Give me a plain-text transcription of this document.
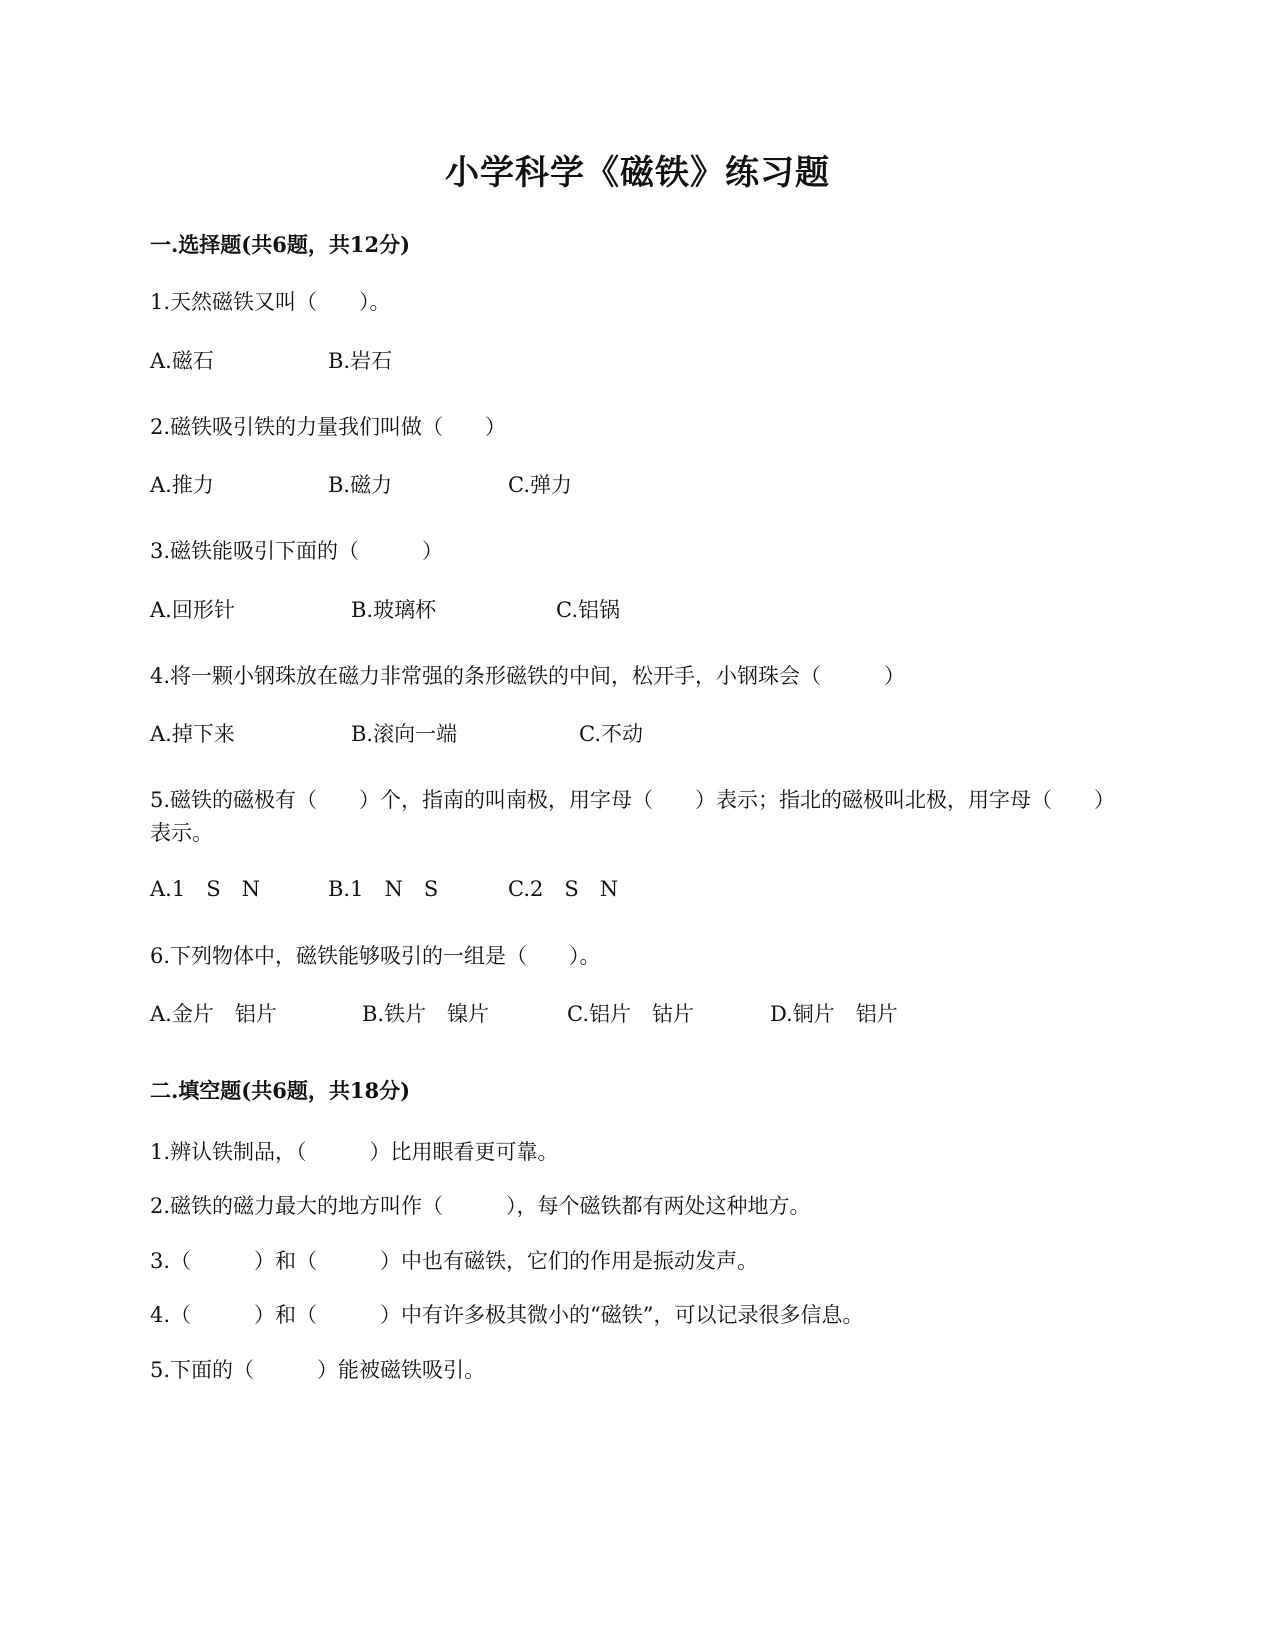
小学科学《磁铁》练习题
一.选择题(共6题，共12分)
1.天然磁铁又叫（　　）。
A.磁石	B.岩石
2.磁铁吸引铁的力量我们叫做（　　）
A.推力	B.磁力	C.弹力
3.磁铁能吸引下面的（　　　）
A.回形针	B.玻璃杯	C.铝锅
4.将一颗小钢珠放在磁力非常强的条形磁铁的中间，松开手，小钢珠会（　　　）
A.掉下来	B.滚向一端	C.不动
5.磁铁的磁极有（　　）个，指南的叫南极，用字母（　　）表示；指北的磁极叫北极，用字母（　　）表示。
A.1　S　N	B.1　N　S	C.2　S　N
6.下列物体中，磁铁能够吸引的一组是（　　）。
A.金片　铝片	B.铁片　镍片	C.铝片　钴片	D.铜片　铝片
二.填空题(共6题，共18分)
1.辨认铁制品，（　　　）比用眼看更可靠。
2.磁铁的磁力最大的地方叫作（　　　），每个磁铁都有两处这种地方。
3.（　　　）和（　　　）中也有磁铁，它们的作用是振动发声。
4.（　　　）和（　　　）中有许多极其微小的“磁铁”，可以记录很多信息。
5.下面的（　　　）能被磁铁吸引。
